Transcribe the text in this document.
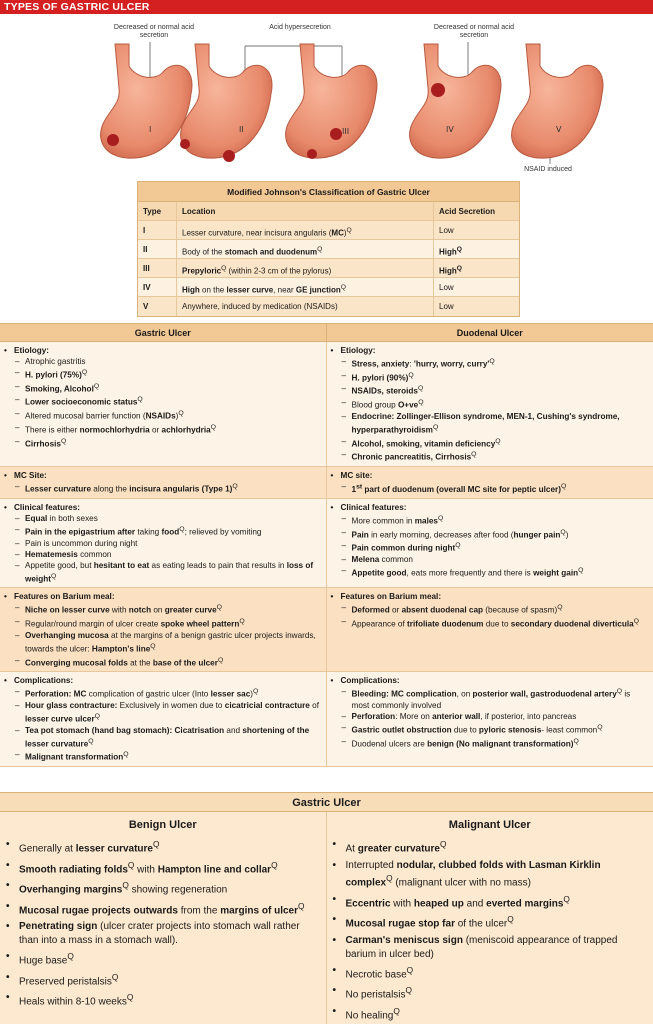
TYPES OF GASTRIC ULCER
I	II	III	IV	V
Decreased or normal acid secretion
Acid hypersecretion	Decreased or normal acid secretion
NSAID induced
Modified Johnson's Classification of Gastric Ulcer
Type	Location	Acid Secretion
I	Lesser curvature, near incisura angularis (MC)$^Q$	Low
II	Body of the stomach and duodenum$^Q$	High$^Q$
III	Prepyloric$^Q$ (within 2-3 cm of the pylorus)	High$^Q$
IV	High on the lesser curve, near GE junction$^Q$	Low
V	Anywhere, induced by medication (NSAIDs)	Low
Gastric Ulcer	Duodenal Ulcer
• Etiology:
– Atrophic gastritis
– H. pylori $(75\%)^Q$
– Smoking, Alcohol$^Q$
– Lower socioeconomic status$^Q$
– Altered mucosal barrier function (NSAIDs)$^Q$
– There is either normochlorhydria or achlorhydria$^Q$
– Cirrhosis$^Q$
• Etiology:
– Stress, anxiety: 'hurry, worry, $curry'^Q$
– H. pylori $(90\%)^Q$
– NSAIDs, steroids$^Q$
– Blood group $O+ve^Q$
– Endocrine: Zollinger-Ellison syndrome, MEN-1, Cushing's syndrome, hyperparathyroidism$^Q$
– Alcohol, smoking, vitamin deficiency$^Q$
– Chronic pancreatitis, Cirrhosis$^Q$
• MC Site:
– Lesser curvature along the incisura angularis (Type 1)$^Q$
• MC site:
– 1st part of duodenum (overall MC site for peptic ulcer)$^Q$
• Clinical features:
– Equal in both sexes
– Pain in the epigastrium after taking food$^Q$; relieved by vomiting
– Pain is uncommon during night
– Hematemesis common
– Appetite good, but hesitant to eat as eating leads to pain that results in loss of weight$^Q$
• Clinical features:
– More common in males$^Q$
– Pain in early morning, decreases after food (hunger pain$^Q$)
– Pain common during night$^Q$
– Melena common
– Appetite good, eats more frequently and there is weight gain$^Q$
• Features on Barium meal:
– Niche on lesser curve with notch on greater curve$^Q$
– Regular/round margin of ulcer create spoke wheel pattern$^Q$
– Overhanging mucosa at the margins of a benign gastric ulcer projects inwards, towards the ulcer: Hampton's line$^Q$
– Converging mucosal folds at the base of the ulcer$^Q$
• Features on Barium meal:
– Deformed or absent duodenal cap (because of spasm)$^Q$
– Appearance of trifoliate duodenum due to secondary duodenal diverticula$^Q$
• Complications:
– Perforation: MC complication of gastric ulcer (Into lesser sac)$^Q$
– Hour glass contracture: Exclusively in women due to cicatricial contracture of lesser curve ulcer$^Q$
– Tea pot stomach (hand bag stomach): Cicatrisation and shortening of the lesser curvature$^Q$
– Malignant transformation$^Q$
• Complications:
– Bleeding: MC complication, on posterior wall, gastroduodenal artery$^Q$ is most commonly involved
– Perforation: More on anterior wall, if posterior, into pancreas
– Gastric outlet obstruction due to pyloric stenosis- least common$^Q$
– Duodenal ulcers are benign (No malignant transformation)$^Q$
Gastric Ulcer
Benign Ulcer	Malignant Ulcer
• Generally at lesser curvature$^Q$
• Smooth radiating folds$^Q$ with Hampton line and collar$^Q$
• Overhanging margins$^Q$ showing regeneration
• Mucosal rugae projects outwards from the margins of ulcer$^Q$
• Penetrating sign (ulcer crater projects into stomach wall rather than into a mass in a stomach wall).
• Huge base$^Q$
• Preserved peristalsis$^Q$
• Heals within 8-10 weeks$^Q$
• At greater curvature$^Q$
• Interrupted nodular, clubbed folds with Lasman Kirklin complex$^Q$ (malignant ulcer with no mass)
• Eccentric with heaped up and everted margins$^Q$
• Mucosal rugae stop far of the ulcer$^Q$
• Carman's meniscus sign (meniscoid appearance of trapped barium in ulcer bed)
• Necrotic base$^Q$
• No peristalsis$^Q$
• No healing$^Q$
